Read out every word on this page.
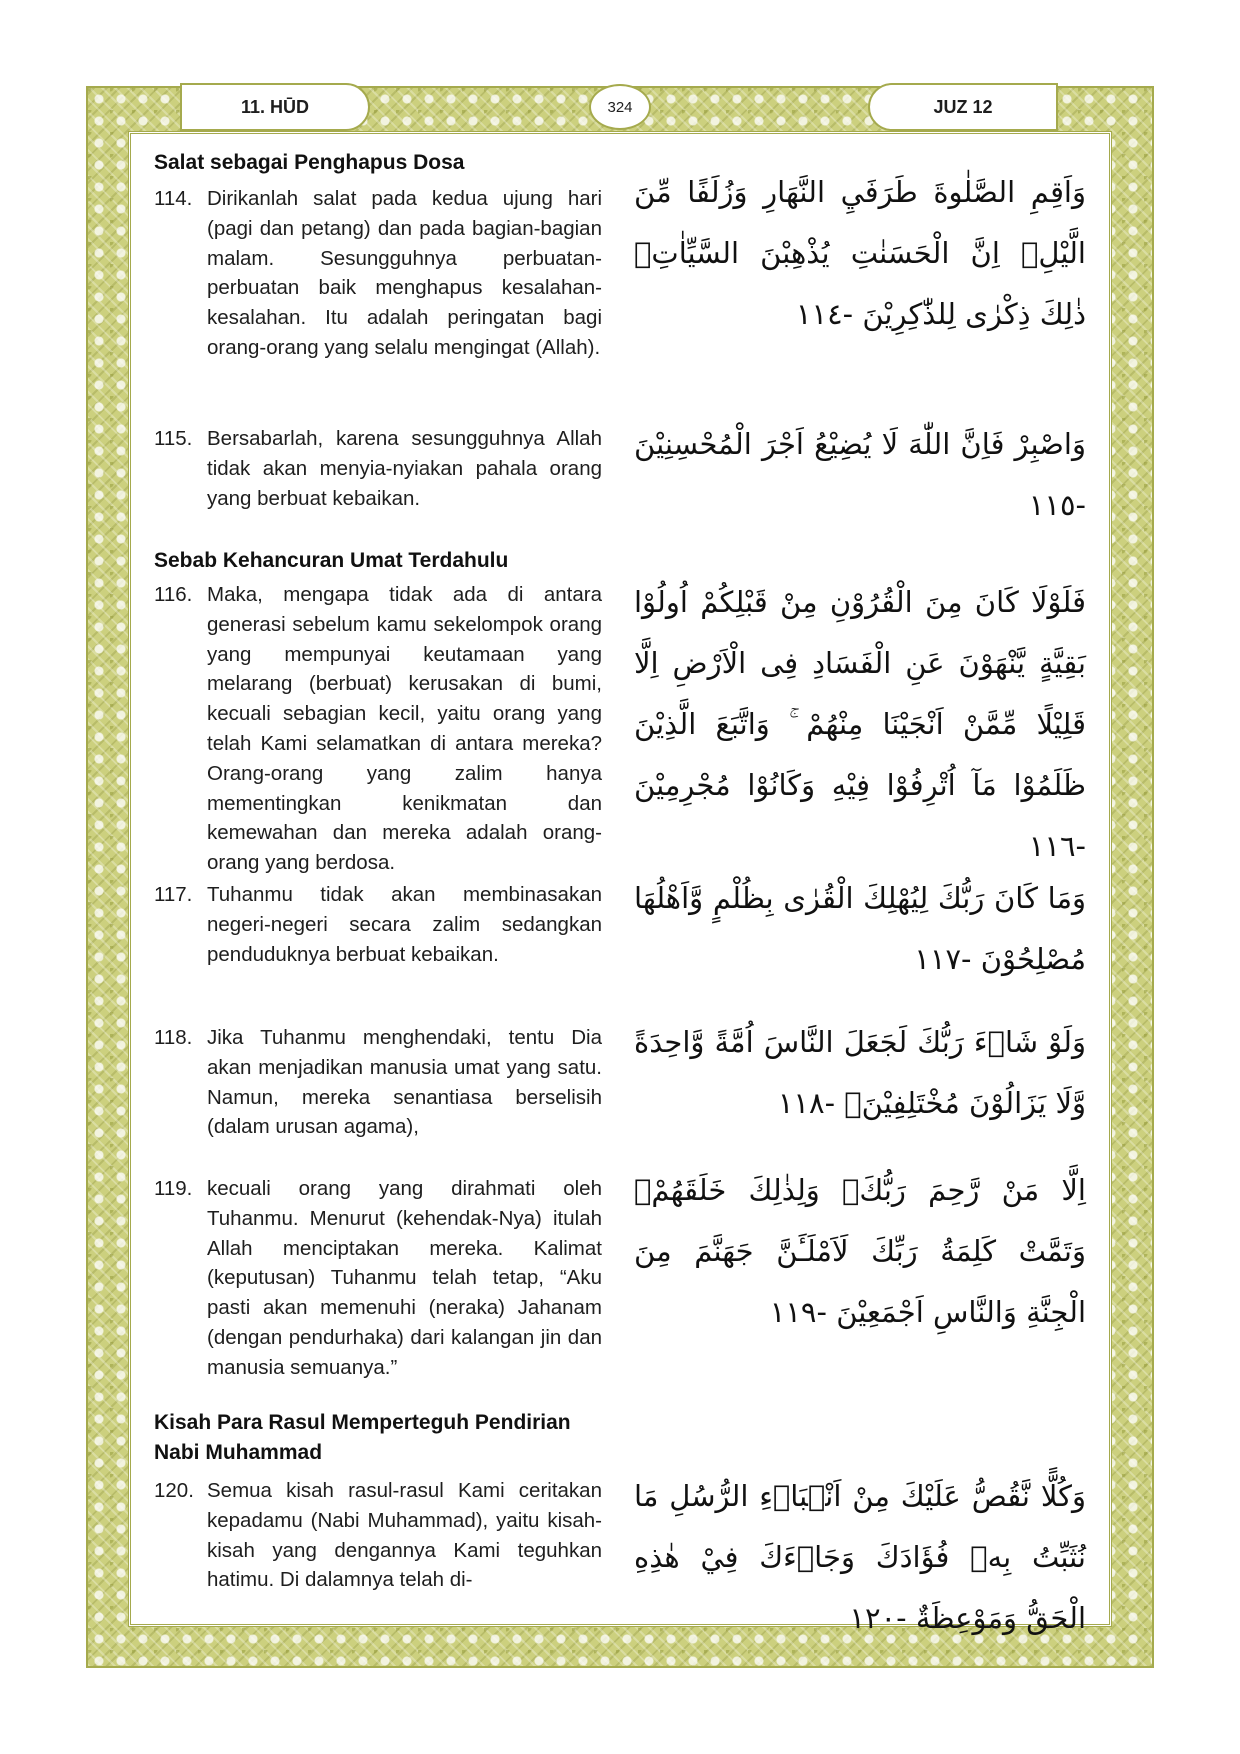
11. HŪD	324	JUZ 12
Salat sebagai Penghapus Dosa
114. Dirikanlah salat pada kedua ujung hari (pagi dan petang) dan pada bagian-bagian malam. Sesungguhnya perbuatan-perbuatan baik menghapus kesalahan-kesalahan. Itu adalah peringatan bagi orang-orang yang selalu mengingat (Allah).
وَاَقِمِ الصَّلٰوةَ طَرَفَيِ النَّهَارِ وَزُلَفًا مِّنَ الَّيْلِۗ اِنَّ الْحَسَنٰتِ يُذْهِبْنَ السَّيِّاٰتِۗ ذٰلِكَ ذِكْرٰى لِلذّٰكِرِيْنَ -١١٤
115. Bersabarlah, karena sesungguhnya Allah tidak akan menyia-nyiakan pahala orang yang berbuat kebaikan.
وَاصْبِرْ فَاِنَّ اللّٰهَ لَا يُضِيْعُ اَجْرَ الْمُحْسِنِيْنَ -١١٥
Sebab Kehancuran Umat Terdahulu
116. Maka, mengapa tidak ada di antara generasi sebelum kamu sekelompok orang yang mempunyai keutamaan yang melarang (berbuat) kerusakan di bumi, kecuali sebagian kecil, yaitu orang yang telah Kami selamatkan di antara mereka? Orang-orang yang zalim hanya mementingkan kenikmatan dan kemewahan dan mereka adalah orang-orang yang berdosa.
فَلَوْلَا كَانَ مِنَ الْقُرُوْنِ مِنْ قَبْلِكُمْ اُولُوْا بَقِيَّةٍ يَّنْهَوْنَ عَنِ الْفَسَادِ فِى الْاَرْضِ اِلَّا قَلِيْلًا مِّمَّنْ اَنْجَيْنَا مِنْهُمْ ۚ وَاتَّبَعَ الَّذِيْنَ ظَلَمُوْا مَآ اُتْرِفُوْا فِيْهِ وَكَانُوْا مُجْرِمِيْنَ -١١٦
117. Tuhanmu tidak akan membinasakan negeri-negeri secara zalim sedangkan penduduknya berbuat kebaikan.
وَمَا كَانَ رَبُّكَ لِيُهْلِكَ الْقُرٰى بِظُلْمٍ وَّاَهْلُهَا مُصْلِحُوْنَ -١١٧
118. Jika Tuhanmu menghendaki, tentu Dia akan menjadikan manusia umat yang satu. Namun, mereka senantiasa berselisih (dalam urusan agama),
وَلَوْ شَاۤءَ رَبُّكَ لَجَعَلَ النَّاسَ اُمَّةً وَّاحِدَةً وَّلَا يَزَالُوْنَ مُخْتَلِفِيْنَۙ -١١٨
119. kecuali orang yang dirahmati oleh Tuhanmu. Menurut (kehendak-Nya) itulah Allah menciptakan mereka. Kalimat (keputusan) Tuhanmu telah tetap, “Aku pasti akan memenuhi (neraka) Jahanam (dengan pendurhaka) dari kalangan jin dan manusia semuanya.”
اِلَّا مَنْ رَّحِمَ رَبُّكَۗ وَلِذٰلِكَ خَلَقَهُمْۗ وَتَمَّتْ كَلِمَةُ رَبِّكَ لَاَمْلَـَٔنَّ جَهَنَّمَ مِنَ الْجِنَّةِ وَالنَّاسِ اَجْمَعِيْنَ -١١٩
Kisah Para Rasul Memperteguh Pendirian Nabi Muhammad
120. Semua kisah rasul-rasul Kami ceritakan kepadamu (Nabi Muhammad), yaitu kisah-kisah yang dengannya Kami teguhkan hatimu. Di dalamnya telah di-
وَكُلًّا نَّقُصُّ عَلَيْكَ مِنْ اَنْۢبَاۤءِ الرُّسُلِ مَا نُثَبِّتُ بِهٖ فُؤَادَكَ وَجَاۤءَكَ فِيْ هٰذِهِ الْحَقُّ وَمَوْعِظَةٌ -١٢٠
